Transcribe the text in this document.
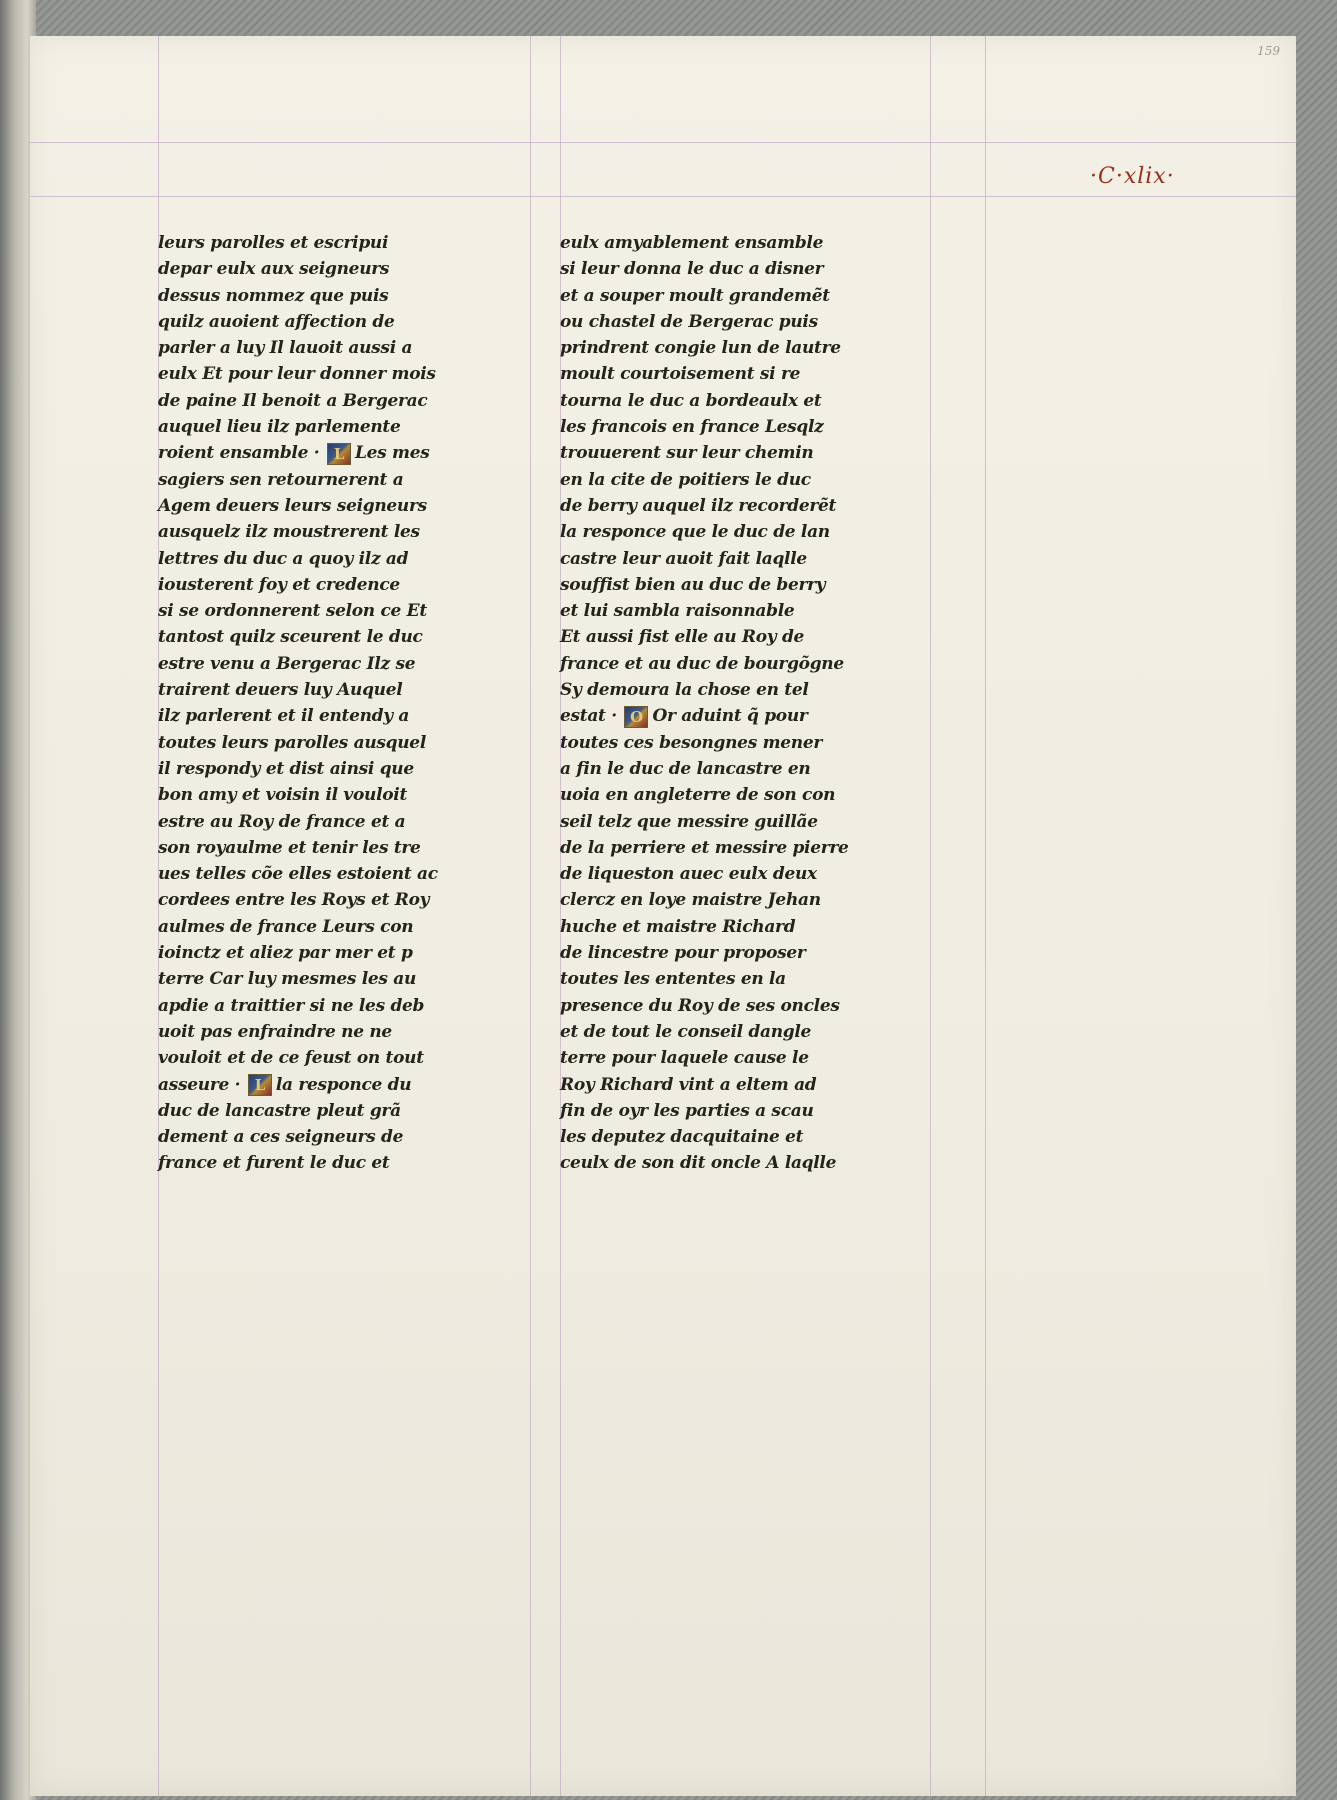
159
·C·xlix·
leurs parolles et escripui
depar eulx aux seigneurs
dessus nommez que puis
quilz auoient affection de
parler a luy Il lauoit aussi a
eulx Et pour leur donner mois
de paine Il benoit a Bergerac
auquel lieu ilz parlemente
roient ensamble · L Les mes
sagiers sen retournerent a
Agem deuers leurs seigneurs
ausquelz ilz moustrerent les
lettres du duc a quoy ilz ad
iousterent foy et credence
si se ordonnerent selon ce Et
tantost quilz sceurent le duc
estre venu a Bergerac Ilz se
trairent deuers luy Auquel
ilz parlerent et il entendy a
toutes leurs parolles ausquel
il respondy et dist ainsi que
bon amy et voisin il vouloit
estre au Roy de france et a
son royaulme et tenir les tre
ues telles cõe elles estoient ac
cordees entre les Roys et Roy
aulmes de france Leurs con
ioinctz et aliez par mer et p
terre Car luy mesmes les au
apdie a traittier si ne les deb
uoit pas enfraindre ne ne
vouloit et de ce feust on tout
asseure · L la responce du
duc de lancastre pleut grã
dement a ces seigneurs de
france et furent le duc et
eulx amyablement ensamble
si leur donna le duc a disner
et a souper moult grandemẽt
ou chastel de Bergerac puis
prindrent congie lun de lautre
moult courtoisement si re
tourna le duc a bordeaulx et
les francois en france Lesqlz
trouuerent sur leur chemin
en la cite de poitiers le duc
de berry auquel ilz recorderẽt
la responce que le duc de lan
castre leur auoit fait laqlle
souffist bien au duc de berry
et lui sambla raisonnable
Et aussi fist elle au Roy de
france et au duc de bourgõgne
Sy demoura la chose en tel
estat · O Or aduint q̃ pour
toutes ces besongnes mener
a fin le duc de lancastre en
uoia en angleterre de son con
seil telz que messire guillãe
de la perriere et messire pierre
de liqueston auec eulx deux
clercz en loye maistre Jehan
huche et maistre Richard
de lincestre pour proposer
toutes les ententes en la
presence du Roy de ses oncles
et de tout le conseil dangle
terre pour laquele cause le
Roy Richard vint a eltem ad
fin de oyr les parties a scau
les deputez dacquitaine et
ceulx de son dit oncle A laqlle
